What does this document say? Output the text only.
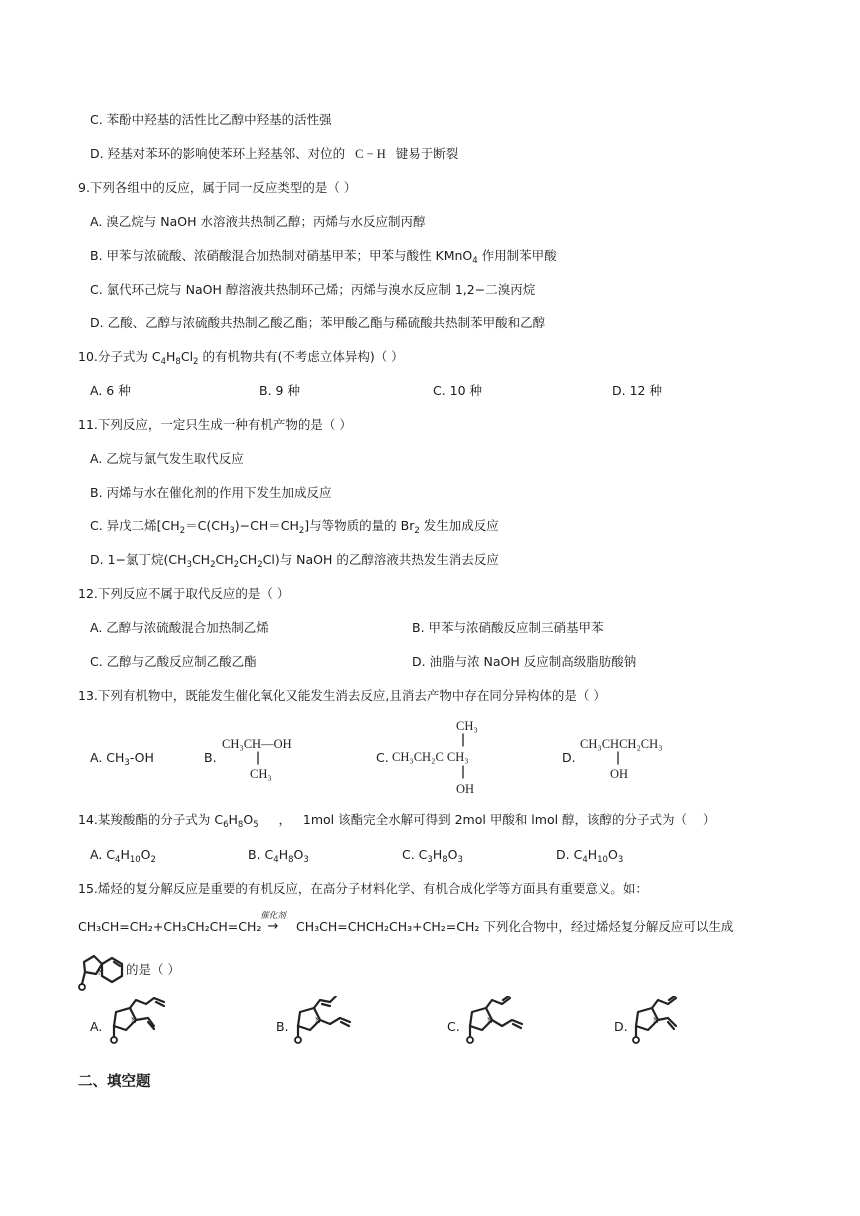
C. 苯酚中羟基的活性比乙醇中羟基的活性强
D. 羟基对苯环的影响使苯环上羟基邻、对位的 C − H 键易于断裂
9.下列各组中的反应，属于同一反应类型的是（ ）
A. 溴乙烷与 NaOH 水溶液共热制乙醇；丙烯与水反应制丙醇
B. 甲苯与浓硫酸、浓硝酸混合加热制对硝基甲苯；甲苯与酸性 KMnO$_4$ 作用制苯甲酸
C. 氯代环己烷与 NaOH 醇溶液共热制环己烯；丙烯与溴水反应制 1,2−二溴丙烷
D. 乙酸、乙醇与浓硫酸共热制乙酸乙酯；苯甲酸乙酯与稀硫酸共热制苯甲酸和乙醇
10.分子式为 $C_4H_8Cl_2$ 的有机物共有(不考虑立体异构)（ ）
A. 6 种	B. 9 种	C. 10 种	D. 12 种
11.下列反应，一定只生成一种有机产物的是（ ）
A. 乙烷与氯气发生取代反应
B. 丙烯与水在催化剂的作用下发生加成反应
C. 异戊二烯$[CH_2=C(CH_3)-CH=CH_2]$与等物质的量的 $Br_2$ 发生加成反应
D. 1−氯丁烷$(CH_3CH_2CH_2CH_2Cl)$与 NaOH 的乙醇溶液共热发生消去反应
12.下列反应不属于取代反应的是（ ）
A. 乙醇与浓硫酸混合加热制乙烯	B. 甲苯与浓硝酸反应制三硝基甲苯
C. 乙醇与乙酸反应制乙酸乙酯	D. 油脂与浓 NaOH 反应制高级脂肪酸钠
13.下列有机物中，既能发生催化氧化又能发生消去反应,且消去产物中存在同分异构体的是（ ）
A. $CH_3-OH$	B.
CH₃CH—OH
CH₃
C.
CH₃
CH₃CH₂C CH₃
OH
D.
CH₃CHCH₂CH₃
OH
14.某羧酸酯的分子式为 $C_6H_8O_5$     ，   1mol 该酯完全水解可得到 2mol 甲酸和 lmol 醇，该醇的分子式为（    ）
A. $C_4H_{10}O_2$	B. $C_4H_8O_3$	C. $C_3H_8O_3$	D. $C_4H_{10}O_3$
15.烯烃的复分解反应是重要的有机反应，在高分子材料化学、有机合成化学等方面具有重要意义。如：
CH₃CH=CH₂+CH₃CH₂CH=CH₂
催化剂
→	CH₃CH=CHCH₂CH₃+CH₂=CH₂ 下列化合物中，经过烯烃复分解反应可以生成
N 的是（ ）
A.	N	B.	N	C.	N	D.	N
二、填空题
